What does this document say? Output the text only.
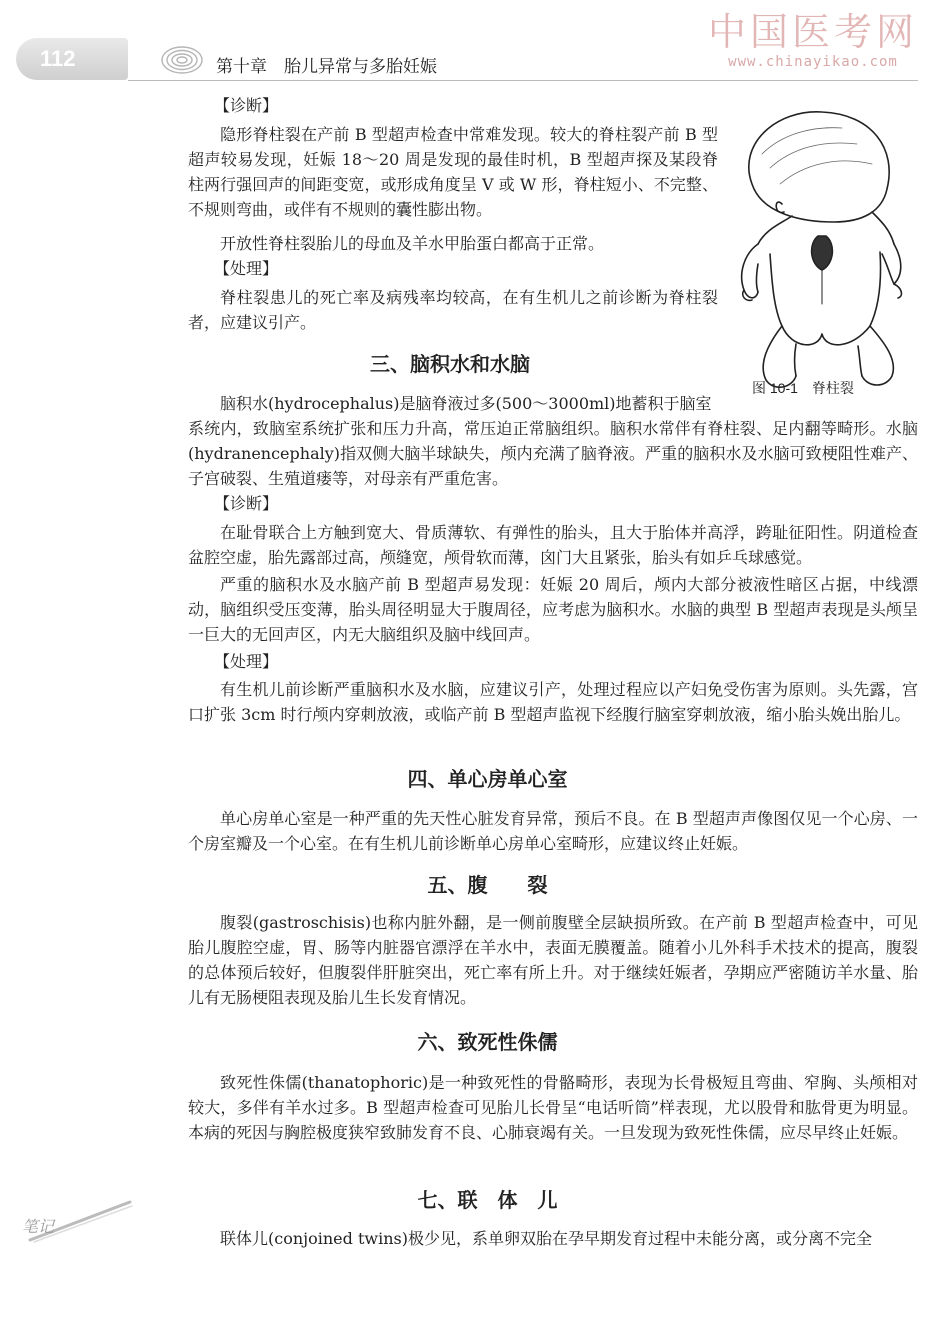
112	第十章　胎儿异常与多胎妊娠
中国医考网
www.chinayikao.com
【诊断】

隐形脊柱裂在产前 B 型超声检查中常难发现。较大的脊柱裂产前 B 型超声较易发现，妊娠 18～20 周是发现的最佳时机，B 型超声探及某段脊柱两行强回声的间距变宽，或形成角度呈 V 或 W 形，脊柱短小、不完整、不规则弯曲，或伴有不规则的囊性膨出物。

开放性脊柱裂胎儿的母血及羊水甲胎蛋白都高于正常。

【处理】

脊柱裂患儿的死亡率及病残率均较高，在有生机儿之前诊断为脊柱裂者，应建议引产。

图 10-1　脊柱裂
三、脑积水和水脑

脑积水(hydrocephalus)是脑脊液过多(500～3000ml)地蓄积于脑室

系统内，致脑室系统扩张和压力升高，常压迫正常脑组织。脑积水常伴有脊柱裂、足内翻等畸形。水脑(hydranencephaly)指双侧大脑半球缺失，颅内充满了脑脊液。严重的脑积水及水脑可致梗阻性难产、子宫破裂、生殖道瘘等，对母亲有严重危害。

【诊断】

在耻骨联合上方触到宽大、骨质薄软、有弹性的胎头，且大于胎体并高浮，跨耻征阳性。阴道检查盆腔空虚，胎先露部过高，颅缝宽，颅骨软而薄，囟门大且紧张，胎头有如乒乓球感觉。

严重的脑积水及水脑产前 B 型超声易发现：妊娠 20 周后，颅内大部分被液性暗区占据，中线漂动，脑组织受压变薄，胎头周径明显大于腹周径，应考虑为脑积水。水脑的典型 B 型超声表现是头颅呈一巨大的无回声区，内无大脑组织及脑中线回声。

【处理】

有生机儿前诊断严重脑积水及水脑，应建议引产，处理过程应以产妇免受伤害为原则。头先露，宫口扩张 3cm 时行颅内穿刺放液，或临产前 B 型超声监视下经腹行脑室穿刺放液，缩小胎头娩出胎儿。

四、单心房单心室

单心房单心室是一种严重的先天性心脏发育异常，预后不良。在 B 型超声声像图仅见一个心房、一个房室瓣及一个心室。在有生机儿前诊断单心房单心室畸形，应建议终止妊娠。

五、腹　　裂

腹裂(gastroschisis)也称内脏外翻，是一侧前腹壁全层缺损所致。在产前 B 型超声检查中，可见胎儿腹腔空虚，胃、肠等内脏器官漂浮在羊水中，表面无膜覆盖。随着小儿外科手术技术的提高，腹裂的总体预后较好，但腹裂伴肝脏突出，死亡率有所上升。对于继续妊娠者，孕期应严密随访羊水量、胎儿有无肠梗阻表现及胎儿生长发育情况。

六、致死性侏儒

致死性侏儒(thanatophoric)是一种致死性的骨骼畸形，表现为长骨极短且弯曲、窄胸、头颅相对较大，多伴有羊水过多。B 型超声检查可见胎儿长骨呈“电话听筒”样表现，尤以股骨和肱骨更为明显。本病的死因与胸腔极度狭窄致肺发育不良、心肺衰竭有关。一旦发现为致死性侏儒，应尽早终止妊娠。

七、联　体　儿

联体儿(conjoined twins)极少见，系单卵双胎在孕早期发育过程中未能分离，或分离不完全

笔记
